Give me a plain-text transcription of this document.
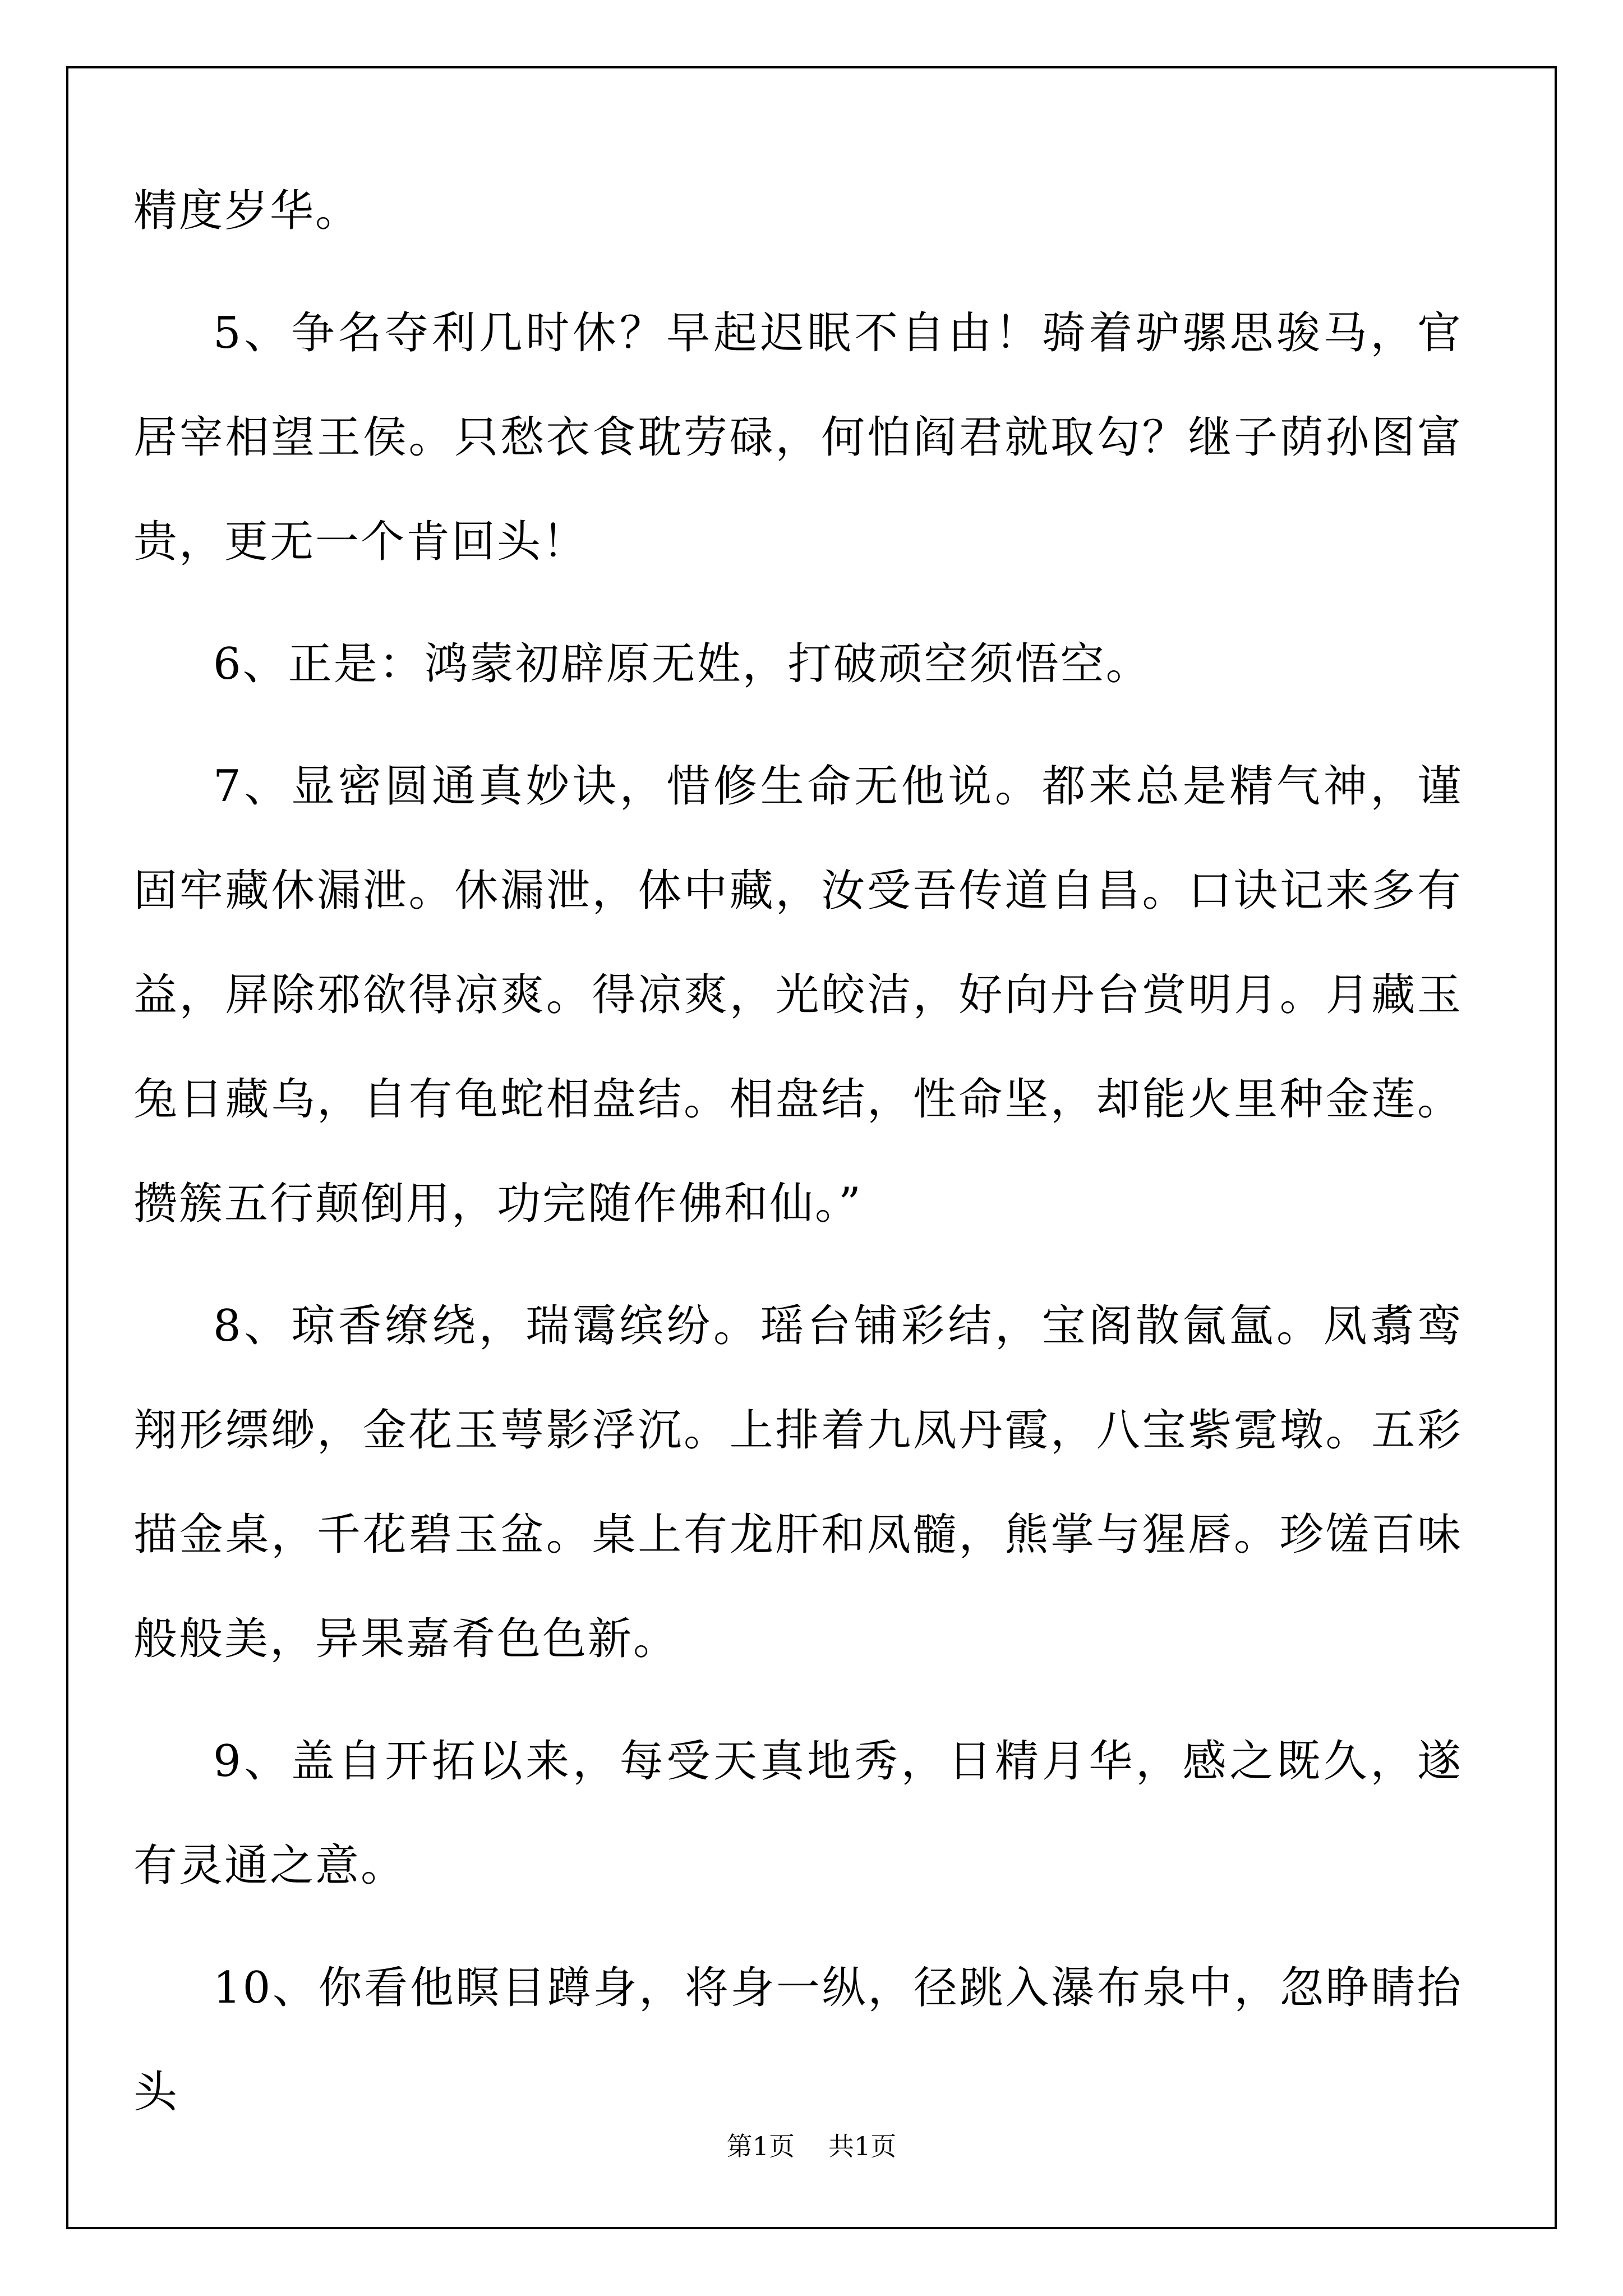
精度岁华。

5、争名夺利几时休？早起迟眠不自由！骑着驴骡思骏马，官居宰相望王侯。只愁衣食耽劳碌，何怕阎君就取勾？继子荫孙图富贵，更无一个肯回头！

6、正是：鸿蒙初辟原无姓，打破顽空须悟空。

7、显密圆通真妙诀，惜修生命无他说。都来总是精气神，谨固牢藏休漏泄。休漏泄，体中藏，汝受吾传道自昌。口诀记来多有益，屏除邪欲得凉爽。得凉爽，光皎洁，好向丹台赏明月。月藏玉兔日藏乌，自有龟蛇相盘结。相盘结，性命坚，却能火里种金莲。攒簇五行颠倒用，功完随作佛和仙。”

8、琼香缭绕，瑞霭缤纷。瑶台铺彩结，宝阁散氤氲。凤翥鸾翔形缥缈，金花玉萼影浮沉。上排着九凤丹霞，八宝紫霓墩。五彩描金桌，千花碧玉盆。桌上有龙肝和凤髓，熊掌与猩唇。珍馐百味般般美，异果嘉肴色色新。

9、盖自开拓以来，每受天真地秀，日精月华，感之既久，遂有灵通之意。

10、你看他瞑目蹲身，将身一纵，径跳入瀑布泉中，忽睁睛抬头

第1页 共1页
